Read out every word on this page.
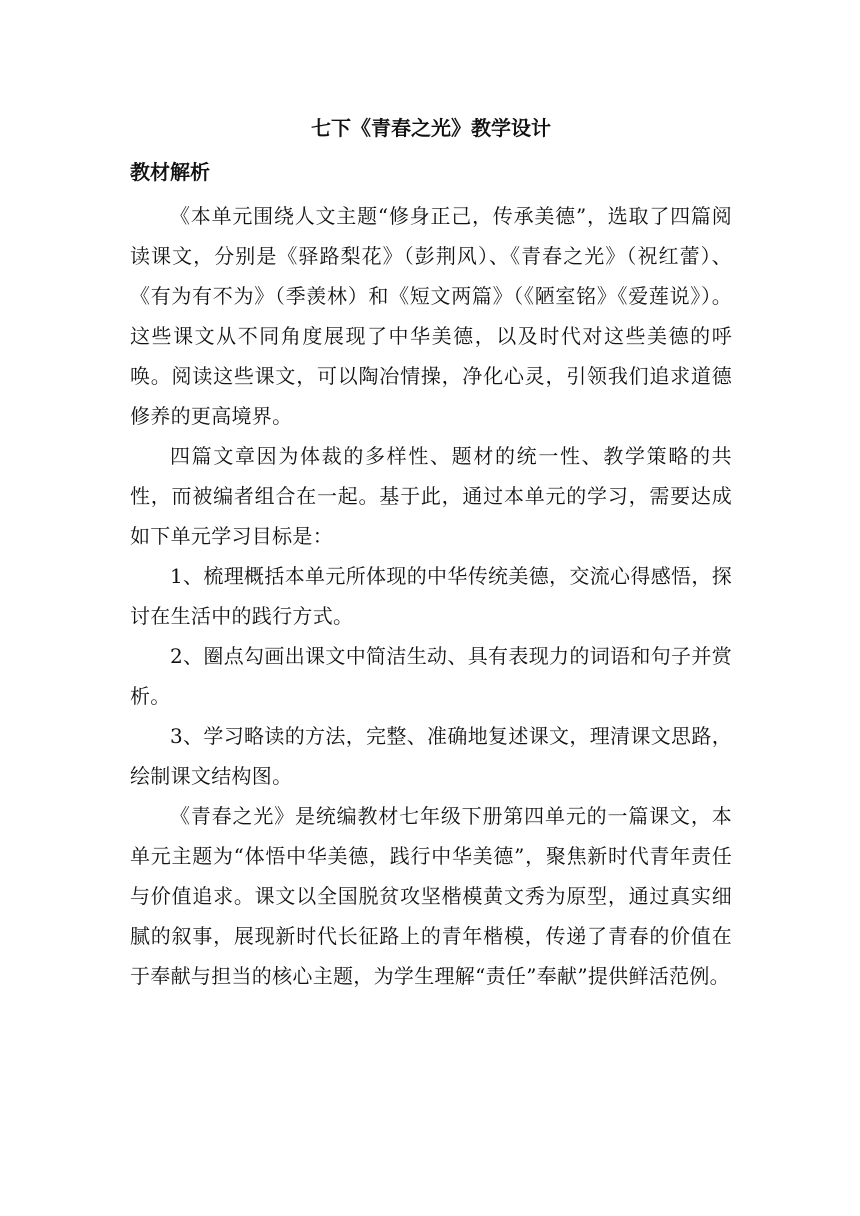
七下《青春之光》教学设计
教材解析

《本单元围绕人文主题“修身正己，传承美德”，选取了四篇阅读课文，分别是《驿路梨花》（彭荆风）、《青春之光》（祝红蕾）、《有为有不为》（季羡林）和《短文两篇》（《陋室铭》《爱莲说》）。这些课文从不同角度展现了中华美德，以及时代对这些美德的呼唤。阅读这些课文，可以陶冶情操，净化心灵，引领我们追求道德修养的更高境界。

四篇文章因为体裁的多样性、题材的统一性、教学策略的共性，而被编者组合在一起。基于此，通过本单元的学习，需要达成如下单元学习目标是：

1、梳理概括本单元所体现的中华传统美德，交流心得感悟，探讨在生活中的践行方式。

2、圈点勾画出课文中简洁生动、具有表现力的词语和句子并赏析。

3、学习略读的方法，完整、准确地复述课文，理清课文思路，绘制课文结构图。

《青春之光》是统编教材七年级下册第四单元的一篇课文，本单元主题为“体悟中华美德，践行中华美德”，聚焦新时代青年责任与价值追求。课文以全国脱贫攻坚楷模黄文秀为原型，通过真实细腻的叙事，展现新时代长征路上的青年楷模，传递了青春的价值在于奉献与担当的核心主题，为学生理解“责任”奉献”提供鲜活范例。
